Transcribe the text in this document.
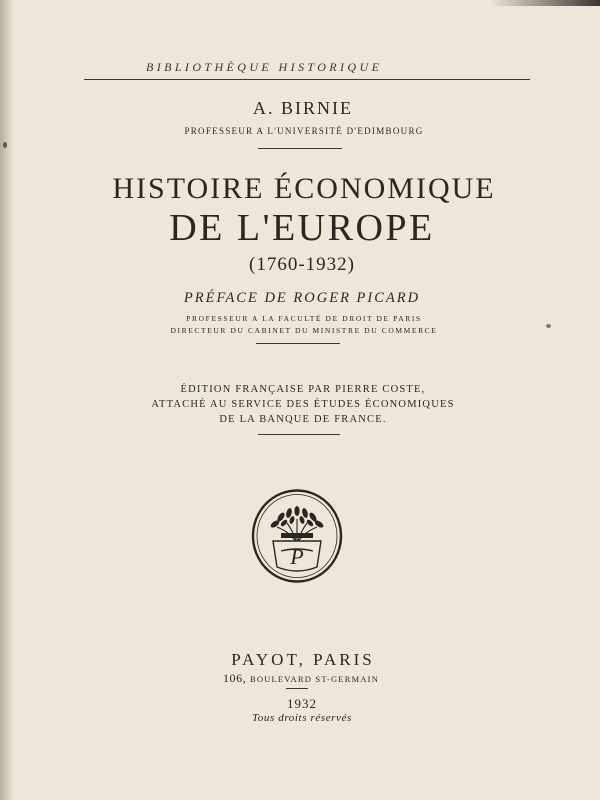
BIBLIOTHÈQUE HISTORIQUE
A. BIRNIE
PROFESSEUR A L'UNIVERSITÉ D'EDIMBOURG
HISTOIRE ÉCONOMIQUE
DE L'EUROPE
(1760-1932)
PRÉFACE DE ROGER PICARD
PROFESSEUR A LA FACULTÉ DE DROIT DE PARIS
DIRECTEUR DU CABINET DU MINISTRE DU COMMERCE
ÉDITION FRANÇAISE PAR PIERRE COSTE,
ATTACHÉ AU SERVICE DES ÉTUDES ÉCONOMIQUES
DE LA BANQUE DE FRANCE.
P
PAYOT, PARIS
106, BOULEVARD ST-GERMAIN
1932
Tous droits réservés
